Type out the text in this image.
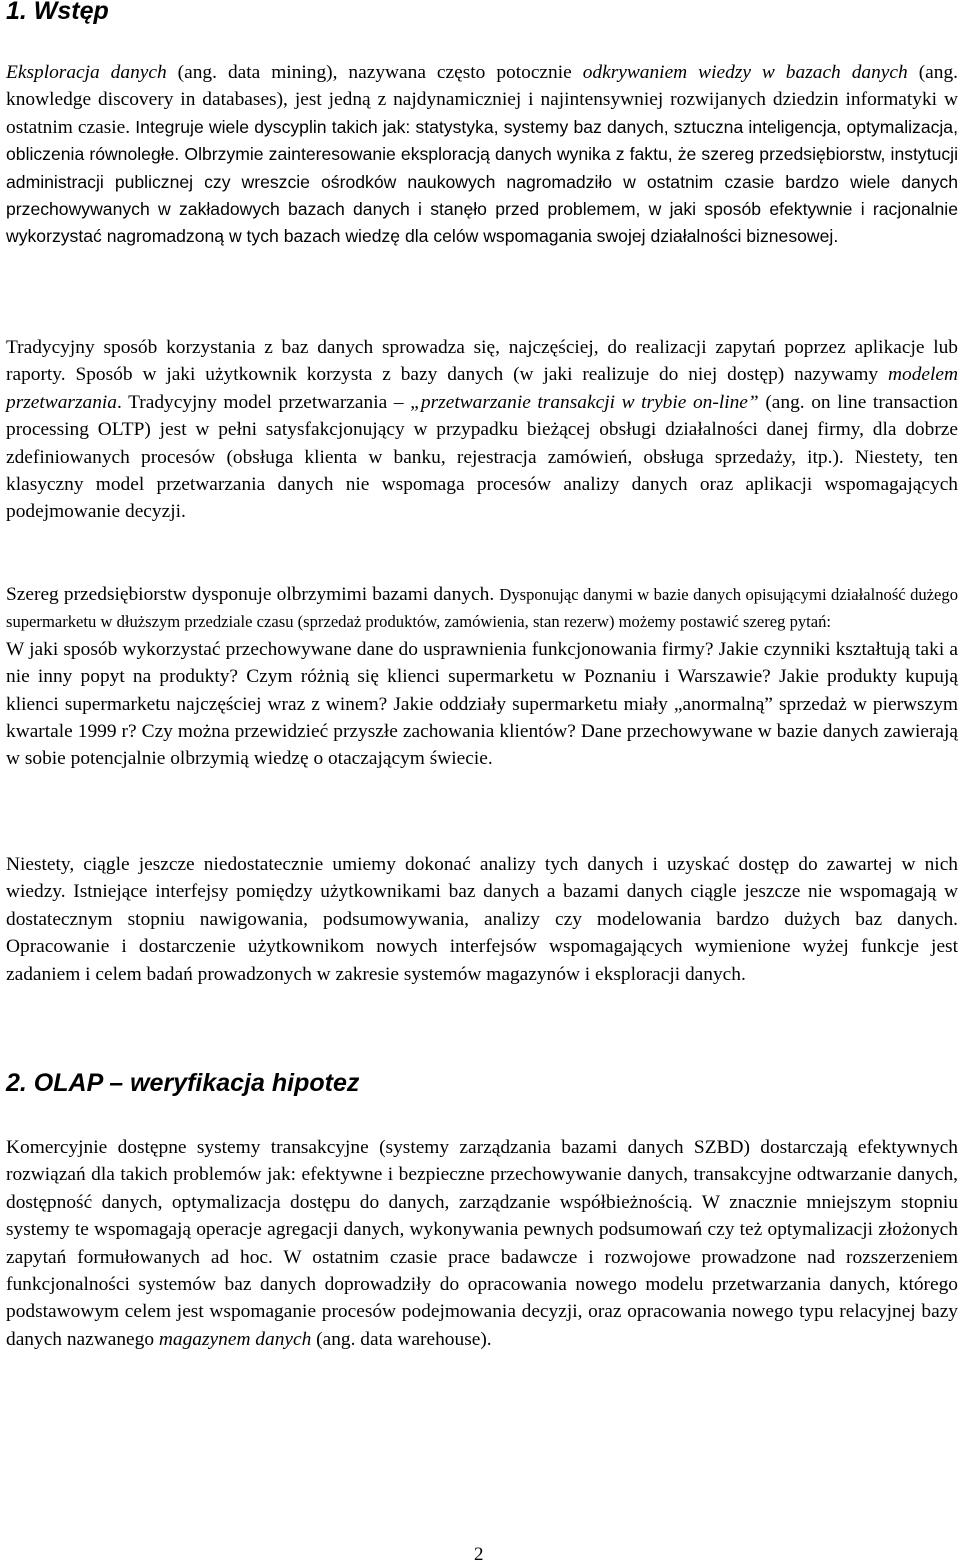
1. Wstęp

Eksploracja danych (ang. data mining), nazywana często potocznie odkrywaniem wiedzy w bazach danych (ang. knowledge discovery in databases), jest jedną z najdynamiczniej i najintensywniej rozwijanych dziedzin informatyki w ostatnim czasie. Integruje wiele dyscyplin takich jak: statystyka, systemy baz danych, sztuczna inteligencja, optymalizacja, obliczenia równoległe. Olbrzymie zainteresowanie eksploracją danych wynika z faktu, że szereg przedsiębiorstw, instytucji administracji publicznej czy wreszcie ośrodków naukowych nagromadziło w ostatnim czasie bardzo wiele danych przechowywanych w zakładowych bazach danych i stanęło przed problemem, w jaki sposób efektywnie i racjonalnie wykorzystać nagromadzoną w tych bazach wiedzę dla celów wspomagania swojej działalności biznesowej.

Tradycyjny sposób korzystania z baz danych sprowadza się, najczęściej, do realizacji zapytań poprzez aplikacje lub raporty. Sposób w jaki użytkownik korzysta z bazy danych (w jaki realizuje do niej dostęp) nazywamy modelem przetwarzania. Tradycyjny model przetwarzania – „przetwarzanie transakcji w trybie on-line” (ang. on line transaction processing OLTP) jest w pełni satysfakcjonujący w przypadku bieżącej obsługi działalności danej firmy, dla dobrze zdefiniowanych procesów (obsługa klienta w banku, rejestracja zamówień, obsługa sprzedaży, itp.). Niestety, ten klasyczny model przetwarzania danych nie wspomaga procesów analizy danych oraz aplikacji wspomagających podejmowanie decyzji.

Szereg przedsiębiorstw dysponuje olbrzymimi bazami danych. Dysponując danymi w bazie danych opisującymi działalność dużego supermarketu w dłuższym przedziale czasu (sprzedaż produktów, zamówienia, stan rezerw) możemy postawić szereg pytań:
W jaki sposób wykorzystać przechowywane dane do usprawnienia funkcjonowania firmy? Jakie czynniki kształtują taki a nie inny popyt na produkty? Czym różnią się klienci supermarketu w Poznaniu i Warszawie? Jakie produkty kupują klienci supermarketu najczęściej wraz z winem? Jakie oddziały supermarketu miały „anormalną” sprzedaż w pierwszym kwartale 1999 r? Czy można przewidzieć przyszłe zachowania klientów? Dane przechowywane w bazie danych zawierają w sobie potencjalnie olbrzymią wiedzę o otaczającym świecie.

Niestety, ciągle jeszcze niedostatecznie umiemy dokonać analizy tych danych i uzyskać dostęp do zawartej w nich wiedzy. Istniejące interfejsy pomiędzy użytkownikami baz danych a bazami danych ciągle jeszcze nie wspomagają w dostatecznym stopniu nawigowania, podsumowywania, analizy czy modelowania bardzo dużych baz danych. Opracowanie i dostarczenie użytkownikom nowych interfejsów wspomagających wymienione wyżej funkcje jest zadaniem i celem badań prowadzonych w zakresie systemów magazynów i eksploracji danych.

2. OLAP – weryfikacja hipotez

Komercyjnie dostępne systemy transakcyjne (systemy zarządzania bazami danych SZBD) dostarczają efektywnych rozwiązań dla takich problemów jak: efektywne i bezpieczne przechowywanie danych, transakcyjne odtwarzanie danych, dostępność danych, optymalizacja dostępu do danych, zarządzanie współbieżnością. W znacznie mniejszym stopniu systemy te wspomagają operacje agregacji danych, wykonywania pewnych podsumowań czy też optymalizacji złożonych zapytań formułowanych ad hoc. W ostatnim czasie prace badawcze i rozwojowe prowadzone nad rozszerzeniem funkcjonalności systemów baz danych doprowadziły do opracowania nowego modelu przetwarzania danych, którego podstawowym celem jest wspomaganie procesów podejmowania decyzji, oraz opracowania nowego typu relacyjnej bazy danych nazwanego magazynem danych (ang. data warehouse).

2
